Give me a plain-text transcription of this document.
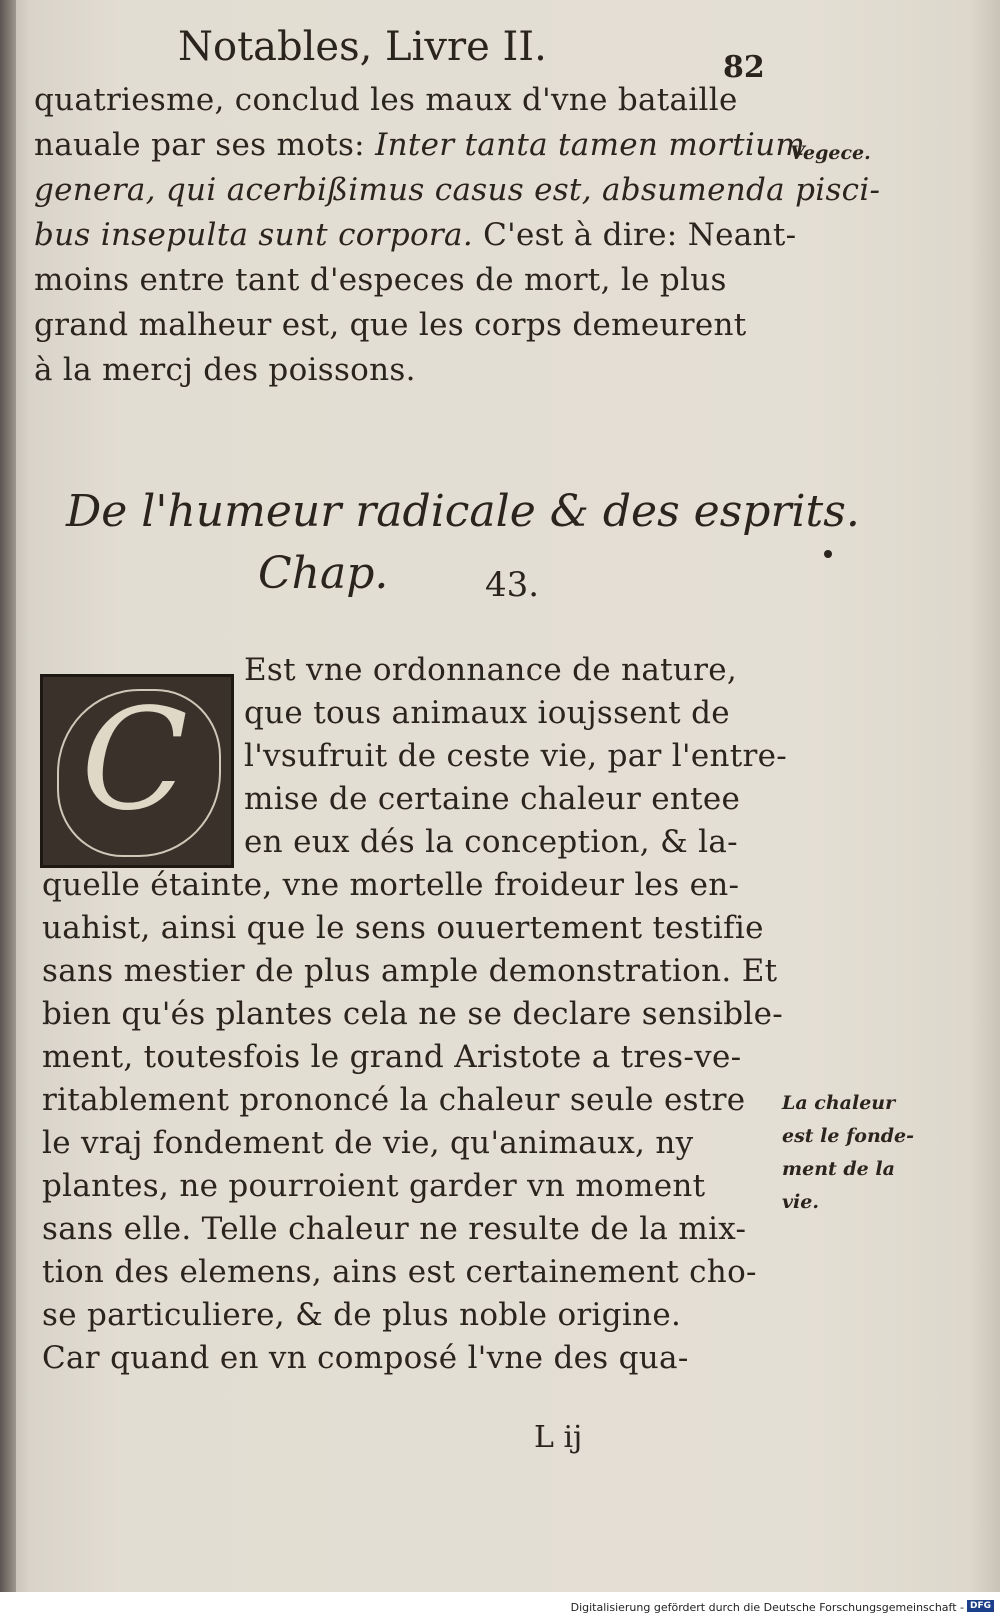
Notables, Livre II.	82
quatriesme, conclud les maux d'vne bataille
nauale par ses mots: Inter tanta tamen mortium
genera, qui acerbißimus casus est, absumenda pisci-
bus insepulta sunt corpora. C'est à dire: Neant-
moins entre tant d'especes de mort, le plus
grand malheur est, que les corps demeurent
à la mercj des poissons.
Vegece.
De l'humeur radicale & des esprits.
Chap.	43.
C
Est vne ordonnance de nature,
que tous animaux ioujssent de
l'vsufruit de ceste vie, par l'entre-
mise de certaine chaleur entee
en eux dés la conception, & la-
quelle étainte, vne mortelle froideur les en-
uahist, ainsi que le sens ouuertement testifie
sans mestier de plus ample demonstration. Et
bien qu'és plantes cela ne se declare sensible-
ment, toutesfois le grand Aristote a tres-ve-
ritablement prononcé la chaleur seule estre
le vraj fondement de vie, qu'animaux, ny
plantes, ne pourroient garder vn moment
sans elle. Telle chaleur ne resulte de la mix-
tion des elemens, ains est certainement cho-
se particuliere, & de plus noble origine.
Car quand en vn composé l'vne des qua-
La chaleur
est le fonde-
ment de la
vie.
L ij
Digitalisierung gefördert durch die Deutsche Forschungsgemeinschaft - DFG
